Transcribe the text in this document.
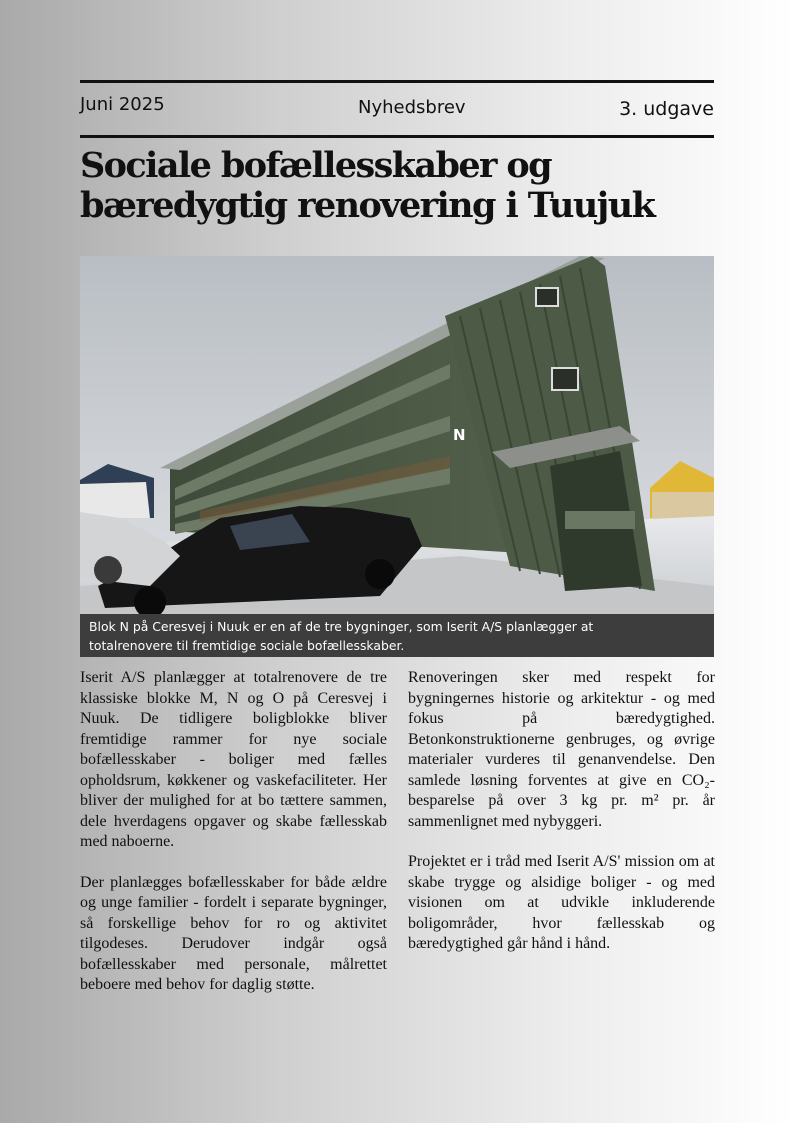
Juni 2025	Nyhedsbrev	3. udgave
Sociale bofællesskaber og
bæredygtig renovering i Tuujuk
N
Blok N på Ceresvej i Nuuk er en af de tre bygninger, som Iserit A/S planlægger at
totalrenovere til fremtidige sociale bofællesskaber.

Iserit A/S planlægger at totalrenovere de tre klassiske blokke M, N og O på Ceresvej i Nuuk. De tidligere boligblokke bliver fremtidige rammer for nye sociale bofællesskaber - boliger med fælles opholdsrum, køkkener og vaskefaciliteter. Her bliver der mulighed for at bo tættere sammen, dele hverdagens opgaver og skabe fællesskab med naboerne.

Der planlægges bofællesskaber for både ældre og unge familier - fordelt i separate bygninger, så forskellige behov for ro og aktivitet tilgodeses. Derudover indgår også bofællesskaber med personale, målrettet beboere med behov for daglig støtte.

Renoveringen sker med respekt for bygningernes historie og arkitektur - og med fokus på bæredygtighed. Betonkonstruktionerne genbruges, og øvrige materialer vurderes til genanvendelse. Den samlede løsning forventes at give en CO₂-besparelse på over 3 kg pr. m² pr. år sammenlignet med nybyggeri.

Projektet er i tråd med Iserit A/S' mission om at skabe trygge og alsidige boliger - og med visionen om at udvikle inkluderende boligområder, hvor fællesskab og bæredygtighed går hånd i hånd.
